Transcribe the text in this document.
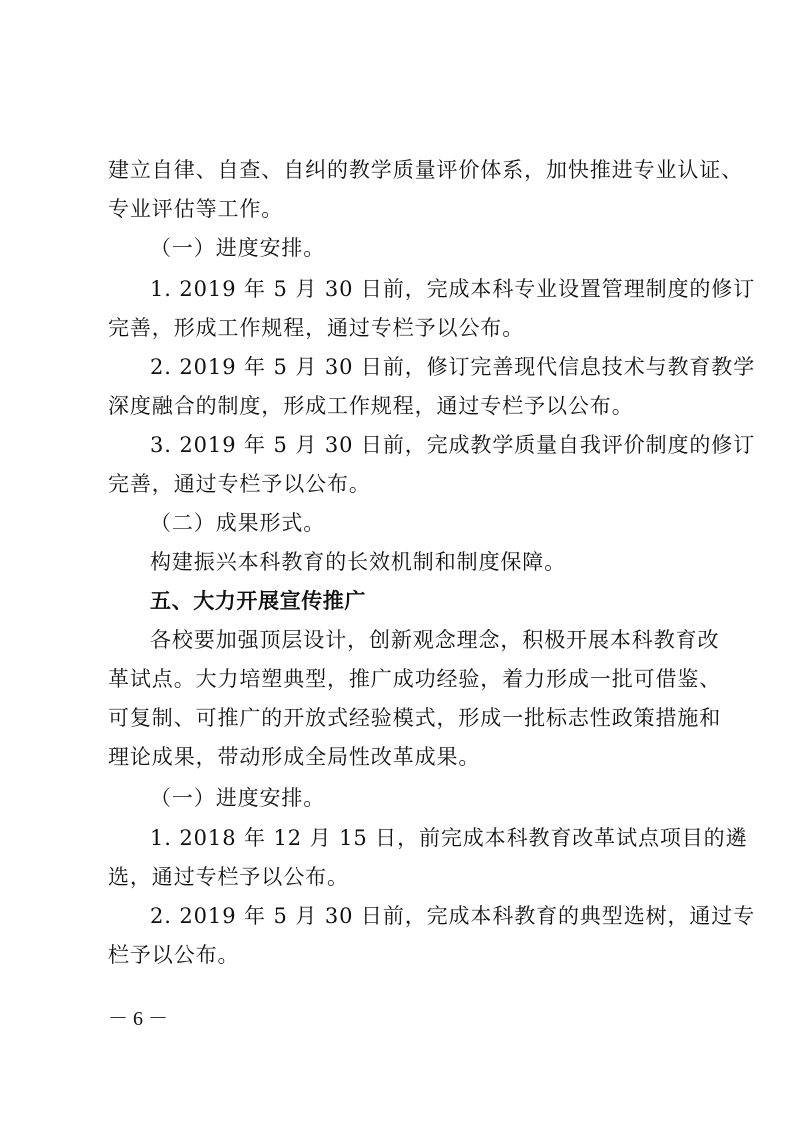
建立自律、自查、自纠的教学质量评价体系，加快推进专业认证、
专业评估等工作。
（一）进度安排。
1. 2019 年 5 月 30 日前，完成本科专业设置管理制度的修订
完善，形成工作规程，通过专栏予以公布。
2. 2019 年 5 月 30 日前，修订完善现代信息技术与教育教学
深度融合的制度，形成工作规程，通过专栏予以公布。
3. 2019 年 5 月 30 日前，完成教学质量自我评价制度的修订
完善，通过专栏予以公布。
（二）成果形式。
构建振兴本科教育的长效机制和制度保障。
五、大力开展宣传推广
各校要加强顶层设计，创新观念理念，积极开展本科教育改
革试点。大力培塑典型，推广成功经验，着力形成一批可借鉴、
可复制、可推广的开放式经验模式，形成一批标志性政策措施和
理论成果，带动形成全局性改革成果。
（一）进度安排。
1. 2018 年 12 月 15 日，前完成本科教育改革试点项目的遴
选，通过专栏予以公布。
2. 2019 年 5 月 30 日前，完成本科教育的典型选树，通过专
栏予以公布。
－ 6 －
